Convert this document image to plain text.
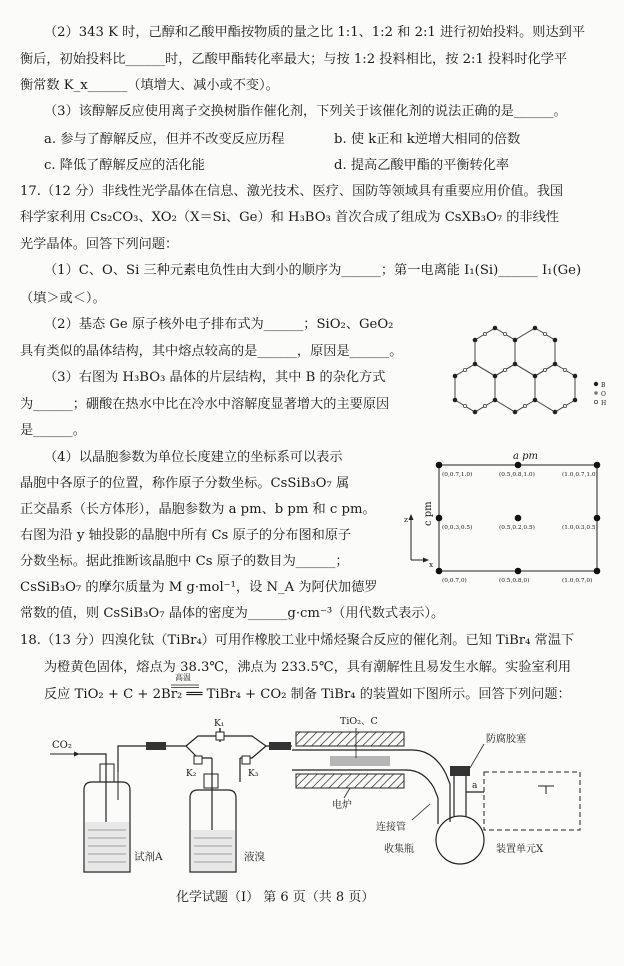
（2）343 K 时，己醇和乙酸甲酯按物质的量之比 1:1、1:2 和 2:1 进行初始投料。则达到平
衡后，初始投料比______时，乙酸甲酯转化率最大；与按 1:2 投料相比，按 2:1 投料时化学平
衡常数 K_x______（填增大、减小或不变）。
（3）该醇解反应使用离子交换树脂作催化剂，下列关于该催化剂的说法正确的是______。
a. 参与了醇解反应，但并不改变反应历程	b. 使 k正和 k逆增大相同的倍数
c. 降低了醇解反应的活化能	d. 提高乙酸甲酯的平衡转化率
17.（12 分）非线性光学晶体在信息、激光技术、医疗、国防等领域具有重要应用价值。我国
科学家利用 Cs₂CO₃、XO₂（X＝Si、Ge）和 H₃BO₃ 首次合成了组成为 CsXB₃O₇ 的非线性
光学晶体。回答下列问题：
（1）C、O、Si 三种元素电负性由大到小的顺序为______；第一电离能 I₁(Si)______ I₁(Ge)
（填＞或＜）。
（2）基态 Ge 原子核外电子排布式为______；SiO₂、GeO₂
具有类似的晶体结构，其中熔点较高的是______，原因是______。
（3）右图为 H₃BO₃ 晶体的片层结构，其中 B 的杂化方式
为______；硼酸在热水中比在冷水中溶解度显著增大的主要原因
是______。
（4）以晶胞参数为单位长度建立的坐标系可以表示
晶胞中各原子的位置，称作原子分数坐标。CsSiB₃O₇ 属
正交晶系（长方体形），晶胞参数为 a pm、b pm 和 c pm。
右图为沿 y 轴投影的晶胞中所有 Cs 原子的分布图和原子
分数坐标。据此推断该晶胞中 Cs 原子的数目为______；
CsSiB₃O₇ 的摩尔质量为 M g·mol⁻¹，设 N_A 为阿伏加德罗
常数的值，则 CsSiB₃O₇ 晶体的密度为______g·cm⁻³（用代数式表示）。
18.（13 分）四溴化钛（TiBr₄）可用作橡胶工业中烯烃聚合反应的催化剂。已知 TiBr₄ 常温下
为橙黄色固体，熔点为 38.3℃，沸点为 233.5℃，具有潮解性且易发生水解。实验室利用
反应 TiO₂ + C + 2Br₂ ══ TiBr₄ + CO₂ 制备 TiBr₄ 的装置如下图所示。回答下列问题：
高温
B
O
H
a pm
c pm
z
x
(0,0.7,1.0)	(0.5,0.8,1.0)	(1.0,0.7,1.0)
(0,0.3,0.5)	(0.5,0.2,0.5)	(1.0,0.3,0.5)
(0,0.7,0)	(0.5,0.8,0)	(1.0,0.7,0)
CO₂
试剂A
K₁
K₂	K₃
液溴
TiO₂、C
电炉
连接管
收集瓶
防腐胶塞
a
装置单元X
化学试题（Ⅰ） 第 6 页（共 8 页）
